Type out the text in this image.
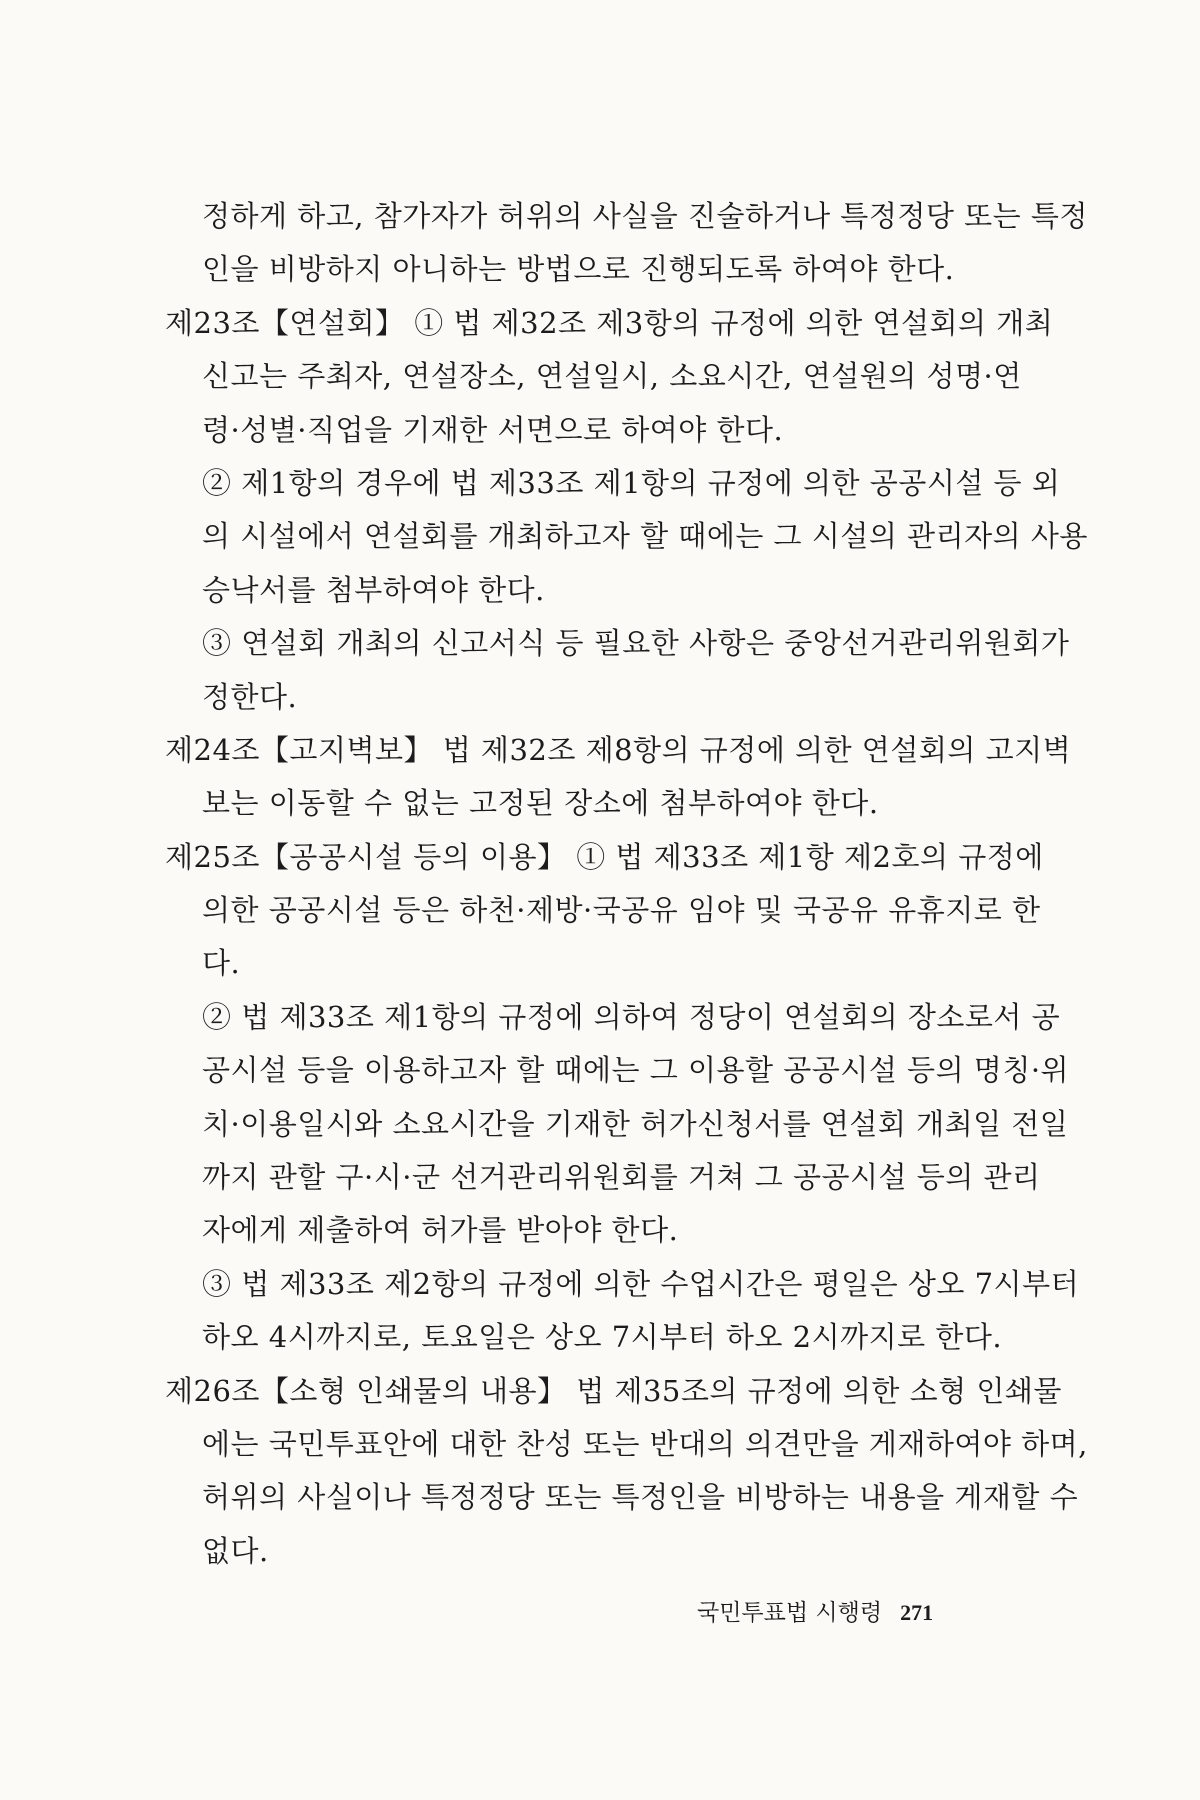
정하게 하고, 참가자가 허위의 사실을 진술하거나 특정정당 또는 특정
인을 비방하지 아니하는 방법으로 진행되도록 하여야 한다.
제23조【연설회】 ① 법 제32조 제3항의 규정에 의한 연설회의 개최
신고는 주최자, 연설장소, 연설일시, 소요시간, 연설원의 성명·연
령·성별·직업을 기재한 서면으로 하여야 한다.
② 제1항의 경우에 법 제33조 제1항의 규정에 의한 공공시설 등 외
의 시설에서 연설회를 개최하고자 할 때에는 그 시설의 관리자의 사용
승낙서를 첨부하여야 한다.
③ 연설회 개최의 신고서식 등 필요한 사항은 중앙선거관리위원회가
정한다.
제24조【고지벽보】 법 제32조 제8항의 규정에 의한 연설회의 고지벽
보는 이동할 수 없는 고정된 장소에 첨부하여야 한다.
제25조【공공시설 등의 이용】 ① 법 제33조 제1항 제2호의 규정에
의한 공공시설 등은 하천·제방·국공유 임야 및 국공유 유휴지로 한
다.
② 법 제33조 제1항의 규정에 의하여 정당이 연설회의 장소로서 공
공시설 등을 이용하고자 할 때에는 그 이용할 공공시설 등의 명칭·위
치·이용일시와 소요시간을 기재한 허가신청서를 연설회 개최일 전일
까지 관할 구·시·군 선거관리위원회를 거쳐 그 공공시설 등의 관리
자에게 제출하여 허가를 받아야 한다.
③ 법 제33조 제2항의 규정에 의한 수업시간은 평일은 상오 7시부터
하오 4시까지로, 토요일은 상오 7시부터 하오 2시까지로 한다.
제26조【소형 인쇄물의 내용】 법 제35조의 규정에 의한 소형 인쇄물
에는 국민투표안에 대한 찬성 또는 반대의 의견만을 게재하여야 하며,
허위의 사실이나 특정정당 또는 특정인을 비방하는 내용을 게재할 수
없다.
국민투표법 시행령 271
